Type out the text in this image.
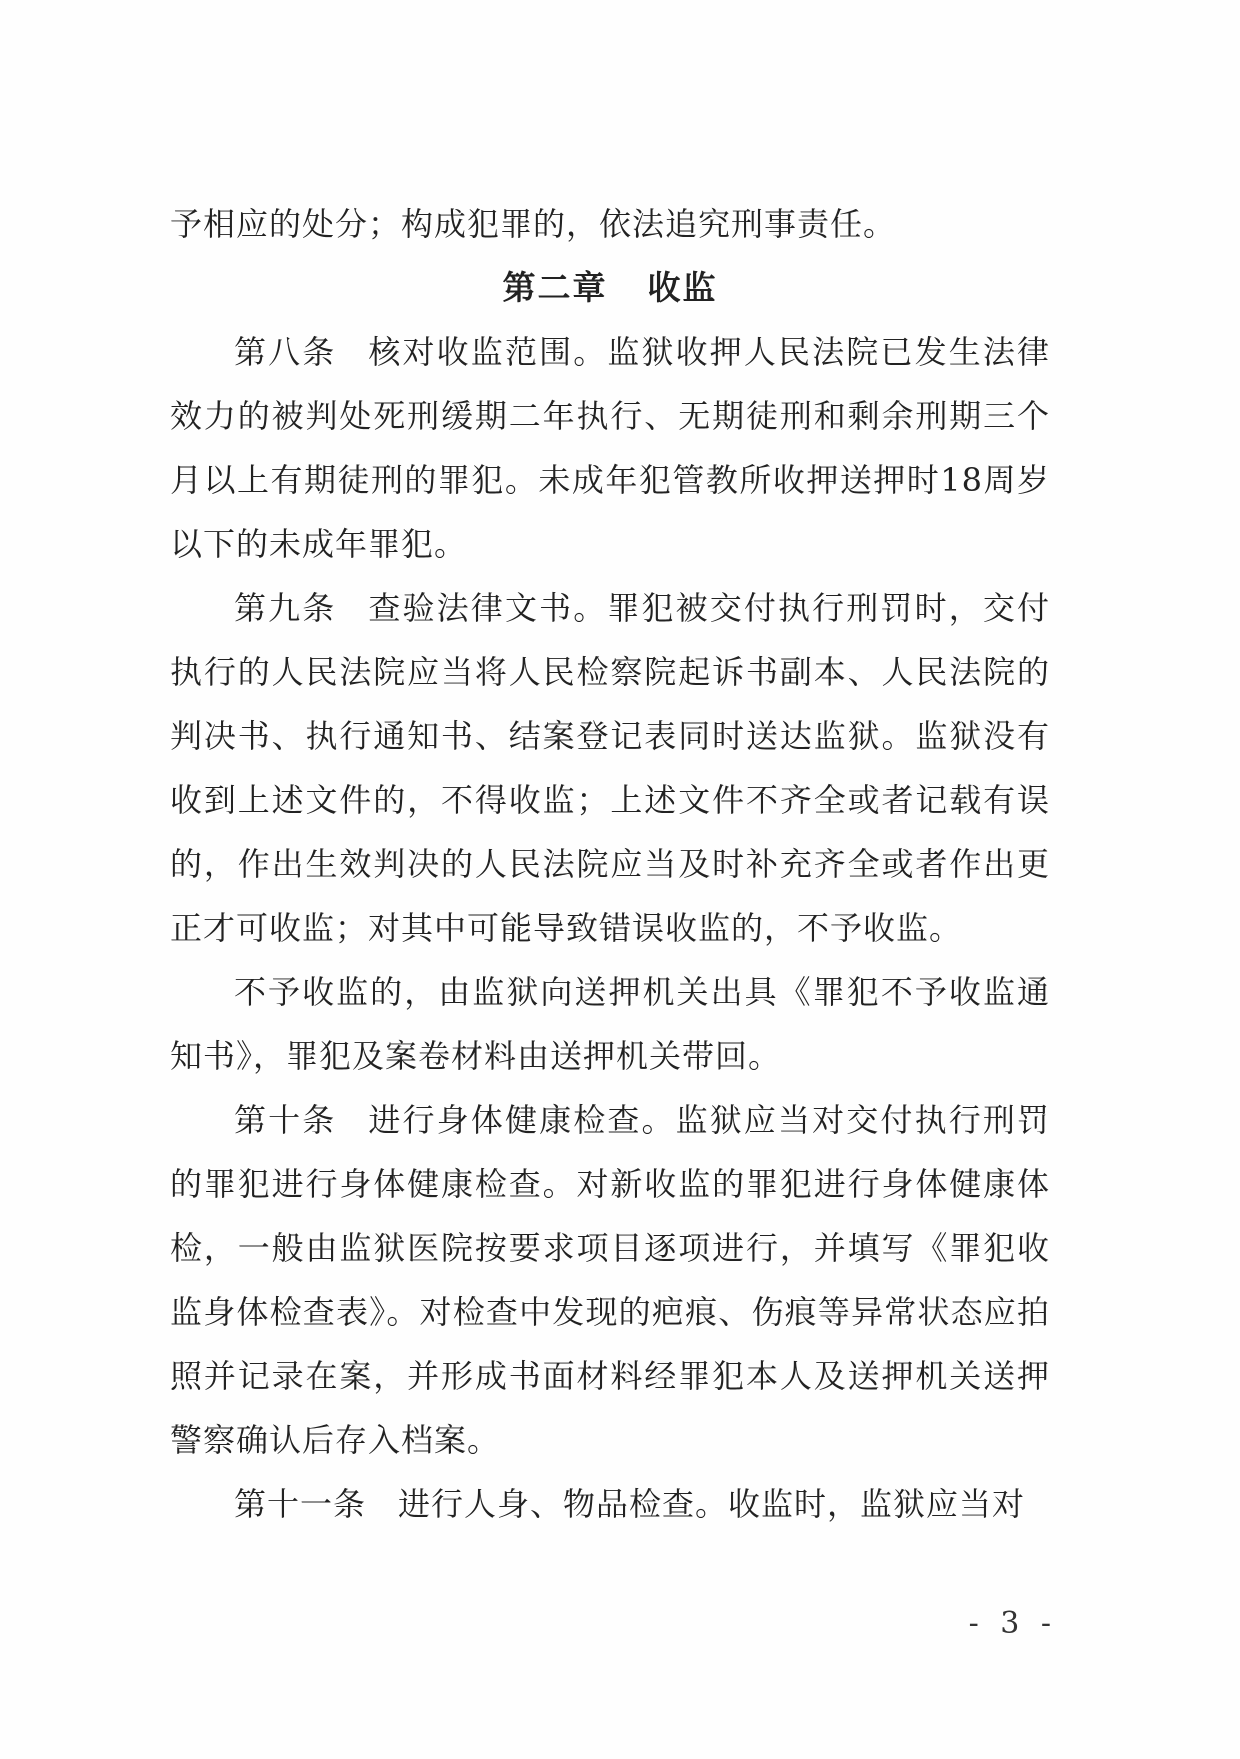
予相应的处分；构成犯罪的，依法追究刑事责任。

第二章 收监

第八条 核对收监范围。监狱收押人民法院已发生法律效力的被判处死刑缓期二年执行、无期徒刑和剩余刑期三个月以上有期徒刑的罪犯。未成年犯管教所收押送押时18周岁以下的未成年罪犯。

第九条 查验法律文书。罪犯被交付执行刑罚时，交付执行的人民法院应当将人民检察院起诉书副本、人民法院的判决书、执行通知书、结案登记表同时送达监狱。监狱没有收到上述文件的，不得收监；上述文件不齐全或者记载有误的，作出生效判决的人民法院应当及时补充齐全或者作出更正才可收监；对其中可能导致错误收监的，不予收监。

不予收监的，由监狱向送押机关出具《罪犯不予收监通知书》，罪犯及案卷材料由送押机关带回。

第十条 进行身体健康检查。监狱应当对交付执行刑罚的罪犯进行身体健康检查。对新收监的罪犯进行身体健康体检，一般由监狱医院按要求项目逐项进行，并填写《罪犯收监身体检查表》。对检查中发现的疤痕、伤痕等异常状态应拍照并记录在案，并形成书面材料经罪犯本人及送押机关送押警察确认后存入档案。

第十一条 进行人身、物品检查。收监时，监狱应当对

- 3 -
